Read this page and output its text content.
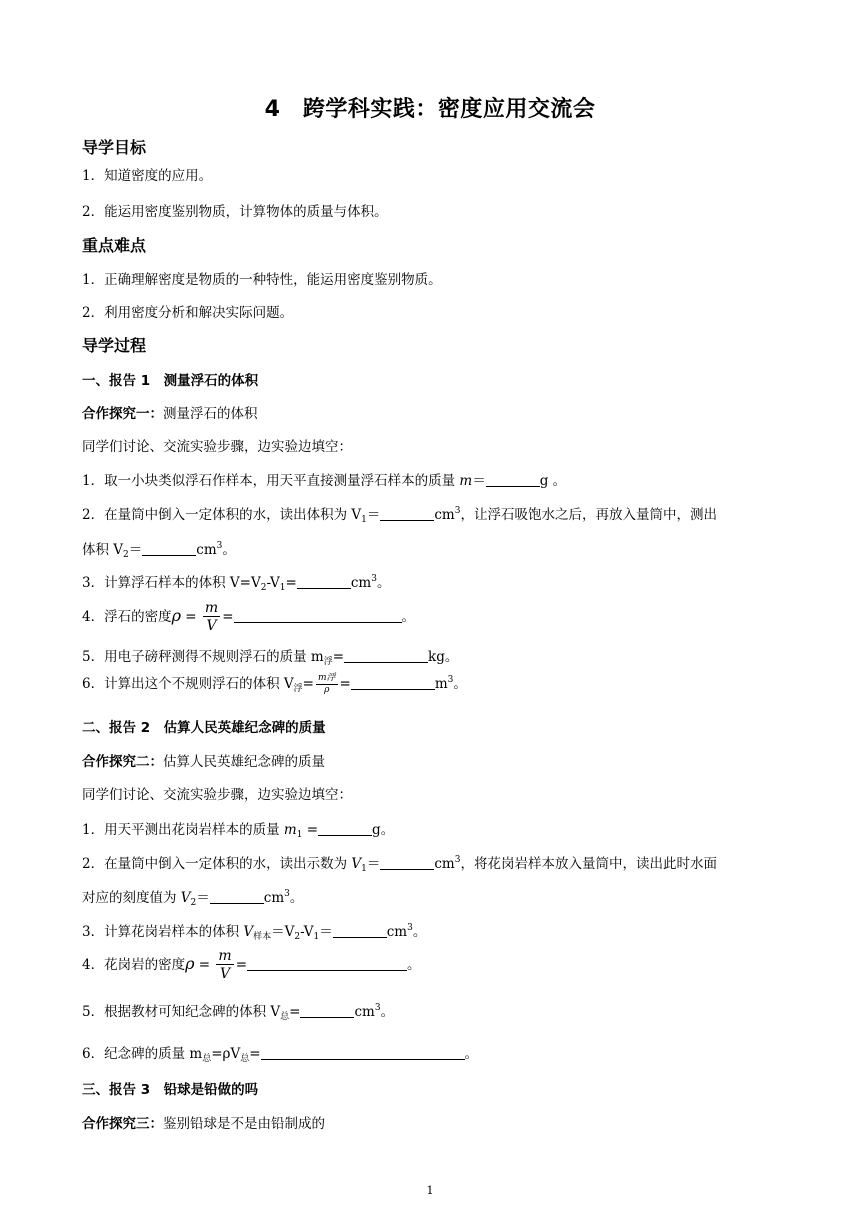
4　跨学科实践：密度应用交流会
导学目标
1．知道密度的应用。
2．能运用密度鉴别物质，计算物体的质量与体积。
重点难点
1．正确理解密度是物质的一种特性，能运用密度鉴别物质。
2．利用密度分析和解决实际问题。
导学过程
一、报告 1　测量浮石的体积
合作探究一：测量浮石的体积
同学们讨论、交流实验步骤，边实验边填空：
1．取一小块类似浮石作样本，用天平直接测量浮石样本的质量 m＝	g 。
2．在量筒中倒入一定体积的水，读出体积为 $V_1=$	$cm^3$，让浮石吸饱水之后，再放入量筒中，测出
体积 $V_2=$	$cm^3$。
3．计算浮石样本的体积 $V=V_2-V_1=$	$cm^3$。
4．浮石的密度$\rho = \frac{m}{V}$ =	。
5．用电子磅秤测得不规则浮石的质量 $m_浮=$	kg。
6．计算出这个不规则浮石的体积 $V_浮= \frac{\text{m浮}}{\rho}$ =	$m^3$。
二、报告 2　估算人民英雄纪念碑的质量
合作探究二：估算人民英雄纪念碑的质量
同学们讨论、交流实验步骤，边实验边填空：
1．用天平测出花岗岩样本的质量 $m_1$ =	g。
2．在量筒中倒入一定体积的水，读出示数为 $V_1=$	$cm^3$，将花岗岩样本放入量筒中，读出此时水面
对应的刻度值为 $V_2=$	$cm^3$。
3．计算花岗岩样本的体积 $V_{样本}=V_2-V_1=$	$cm^3$。
4．花岗岩的密度$\rho = \frac{m}{V}$ =	。
5．根据教材可知纪念碑的体积 $V_总=$	$cm^3$。
6．纪念碑的质量 $m_总=\rho V_总=$	。
三、报告 3　铅球是铅做的吗
合作探究三：鉴别铅球是不是由铅制成的
1
